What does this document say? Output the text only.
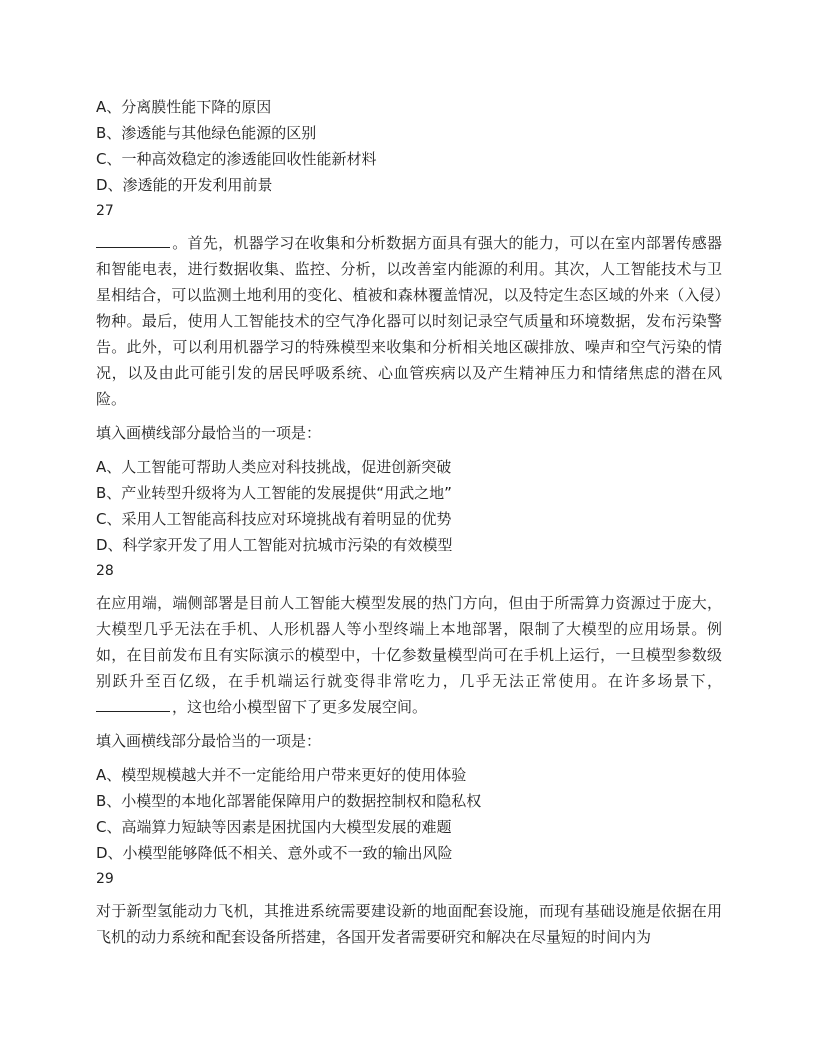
A、分离膜性能下降的原因
B、渗透能与其他绿色能源的区别
C、一种高效稳定的渗透能回收性能新材料
D、渗透能的开发利用前景
27

。首先，机器学习在收集和分析数据方面具有强大的能力，可以在室内部署传感器和智能电表，进行数据收集、监控、分析，以改善室内能源的利用。其次，人工智能技术与卫星相结合，可以监测土地利用的变化、植被和森林覆盖情况，以及特定生态区域的外来（入侵）物种。最后，使用人工智能技术的空气净化器可以时刻记录空气质量和环境数据，发布污染警告。此外，可以利用机器学习的特殊模型来收集和分析相关地区碳排放、噪声和空气污染的情况，以及由此可能引发的居民呼吸系统、心血管疾病以及产生精神压力和情绪焦虑的潜在风险。

填入画横线部分最恰当的一项是：

A、人工智能可帮助人类应对科技挑战，促进创新突破
B、产业转型升级将为人工智能的发展提供“用武之地”
C、采用人工智能高科技应对环境挑战有着明显的优势
D、科学家开发了用人工智能对抗城市污染的有效模型
28

在应用端，端侧部署是目前人工智能大模型发展的热门方向，但由于所需算力资源过于庞大，大模型几乎无法在手机、人形机器人等小型终端上本地部署，限制了大模型的应用场景。例如，在目前发布且有实际演示的模型中，十亿参数量模型尚可在手机上运行，一旦模型参数级别跃升至百亿级，在手机端运行就变得非常吃力，几乎无法正常使用。在许多场景下，，这也给小模型留下了更多发展空间。

填入画横线部分最恰当的一项是：

A、模型规模越大并不一定能给用户带来更好的使用体验
B、小模型的本地化部署能保障用户的数据控制权和隐私权
C、高端算力短缺等因素是困扰国内大模型发展的难题
D、小模型能够降低不相关、意外或不一致的输出风险
29

对于新型氢能动力飞机，其推进系统需要建设新的地面配套设施，而现有基础设施是依据在用飞机的动力系统和配套设备所搭建，各国开发者需要研究和解决在尽量短的时间内为
